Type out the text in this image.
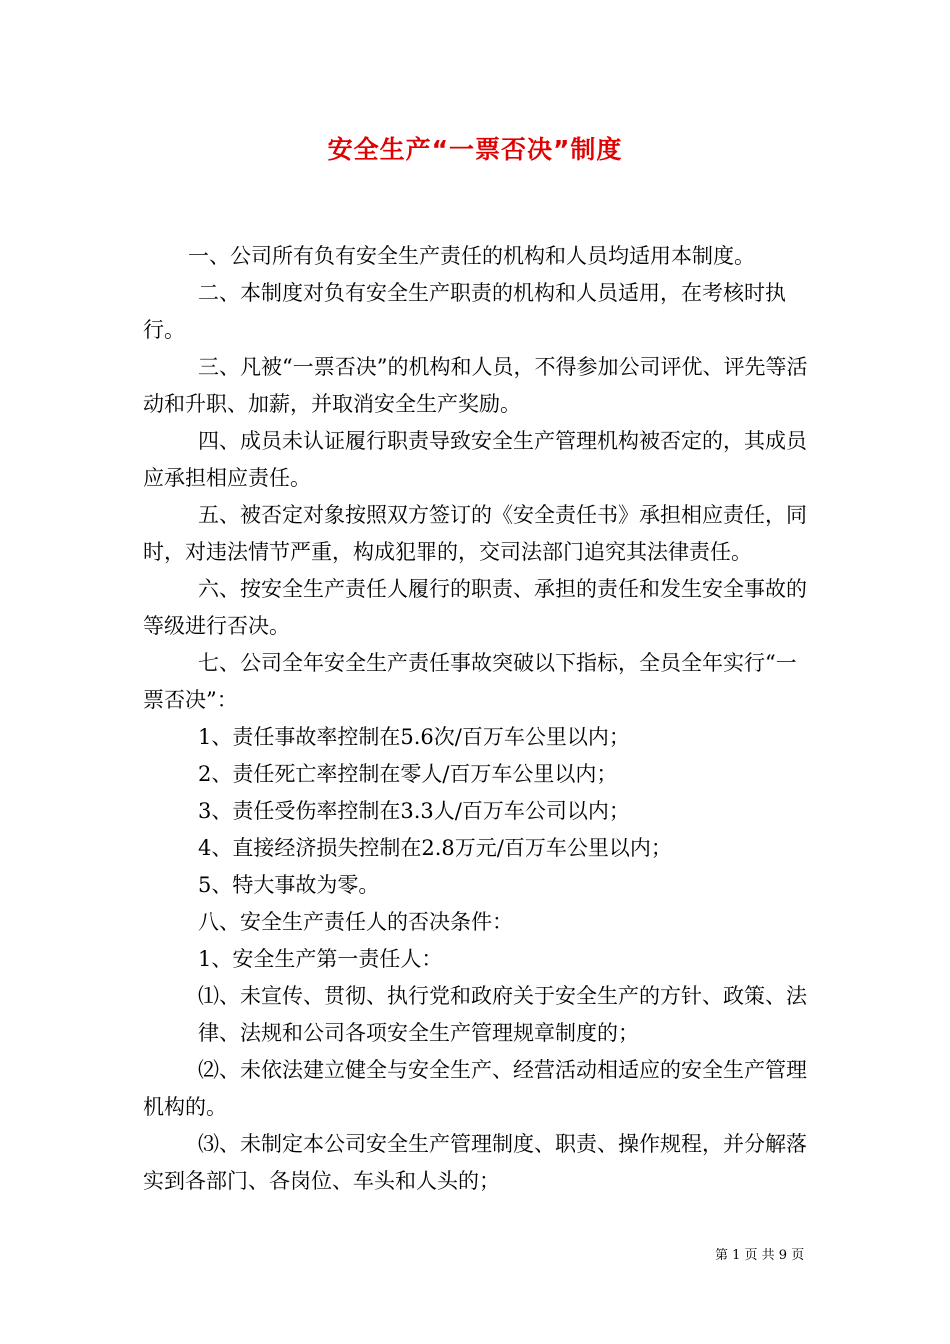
安全生产“一票否决”制度

一、公司所有负有安全生产责任的机构和人员均适用本制度。

二、本制度对负有安全生产职责的机构和人员适用，在考核时执行。

三、凡被“一票否决”的机构和人员，不得参加公司评优、评先等活动和升职、加薪，并取消安全生产奖励。

四、成员未认证履行职责导致安全生产管理机构被否定的，其成员应承担相应责任。

五、被否定对象按照双方签订的《安全责任书》承担相应责任，同时，对违法情节严重，构成犯罪的，交司法部门追究其法律责任。

六、按安全生产责任人履行的职责、承担的责任和发生安全事故的等级进行否决。

七、公司全年安全生产责任事故突破以下指标，全员全年实行“一票否决”：

1、责任事故率控制在5.6次/百万车公里以内；

2、责任死亡率控制在零人/百万车公里以内；

3、责任受伤率控制在3.3人/百万车公司以内；

4、直接经济损失控制在2.8万元/百万车公里以内；

5、特大事故为零。

八、安全生产责任人的否决条件：

1、安全生产第一责任人：

⑴、未宣传、贯彻、执行党和政府关于安全生产的方针、政策、法

律、法规和公司各项安全生产管理规章制度的；

⑵、未依法建立健全与安全生产、经营活动相适应的安全生产管理机构的。

⑶、未制定本公司安全生产管理制度、职责、操作规程，并分解落实到各部门、各岗位、车头和人头的；

第 1 页 共 9 页
